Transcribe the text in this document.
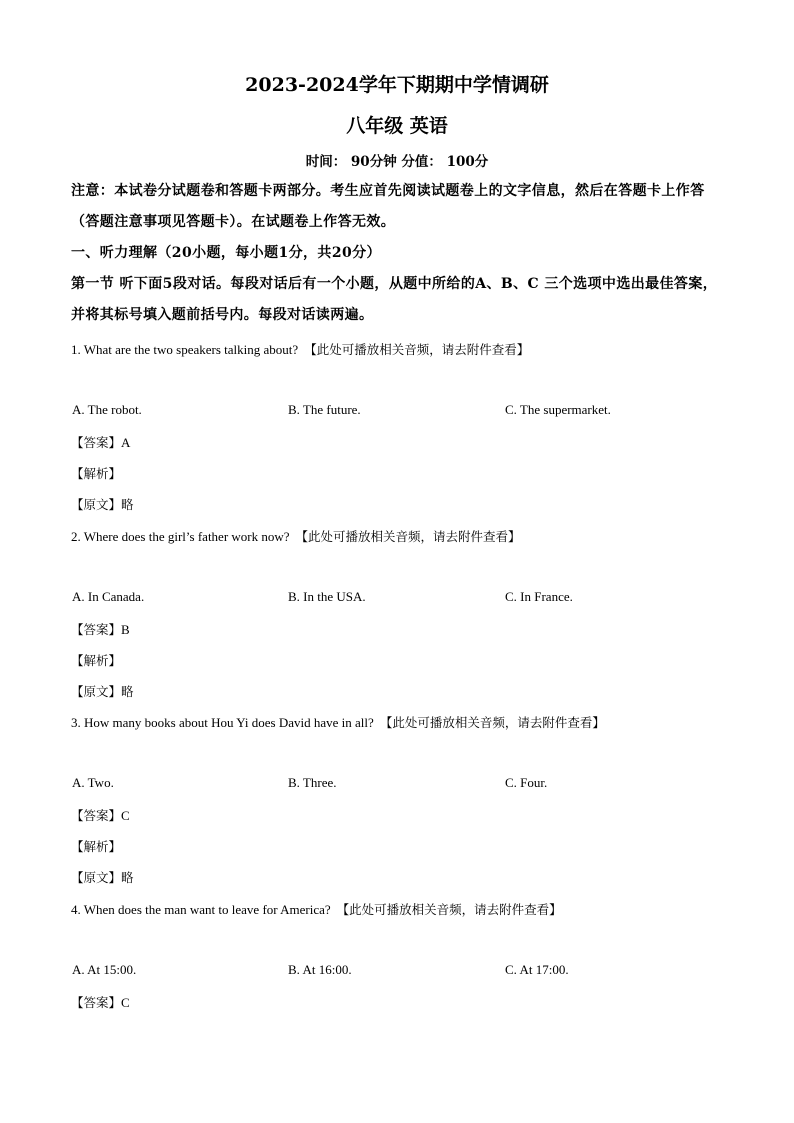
2023-2024学年下期期中学情调研
八年级 英语
时间： 90分钟 分值： 100分
注意：本试卷分试题卷和答题卡两部分。考生应首先阅读试题卷上的文字信息，然后在答题卡上作答（答题注意事项见答题卡）。在试题卷上作答无效。
一、听力理解（20小题，每小题1分，共20分）
第一节 听下面5段对话。每段对话后有一个小题，从题中所给的A、B、C 三个选项中选出最佳答案，并将其标号填入题前括号内。每段对话读两遍。
1. What are the two speakers talking about? 【此处可播放相关音频，请去附件查看】
A. The robot.	B. The future.	C. The supermarket.
【答案】A
【解析】
【原文】略
2. Where does the girl’s father work now? 【此处可播放相关音频，请去附件查看】
A. In Canada.	B. In the USA.	C. In France.
【答案】B
【解析】
【原文】略
3. How many books about Hou Yi does David have in all? 【此处可播放相关音频，请去附件查看】
A. Two.	B. Three.	C. Four.
【答案】C
【解析】
【原文】略
4. When does the man want to leave for America? 【此处可播放相关音频，请去附件查看】
A. At 15:00.	B. At 16:00.	C. At 17:00.
【答案】C
